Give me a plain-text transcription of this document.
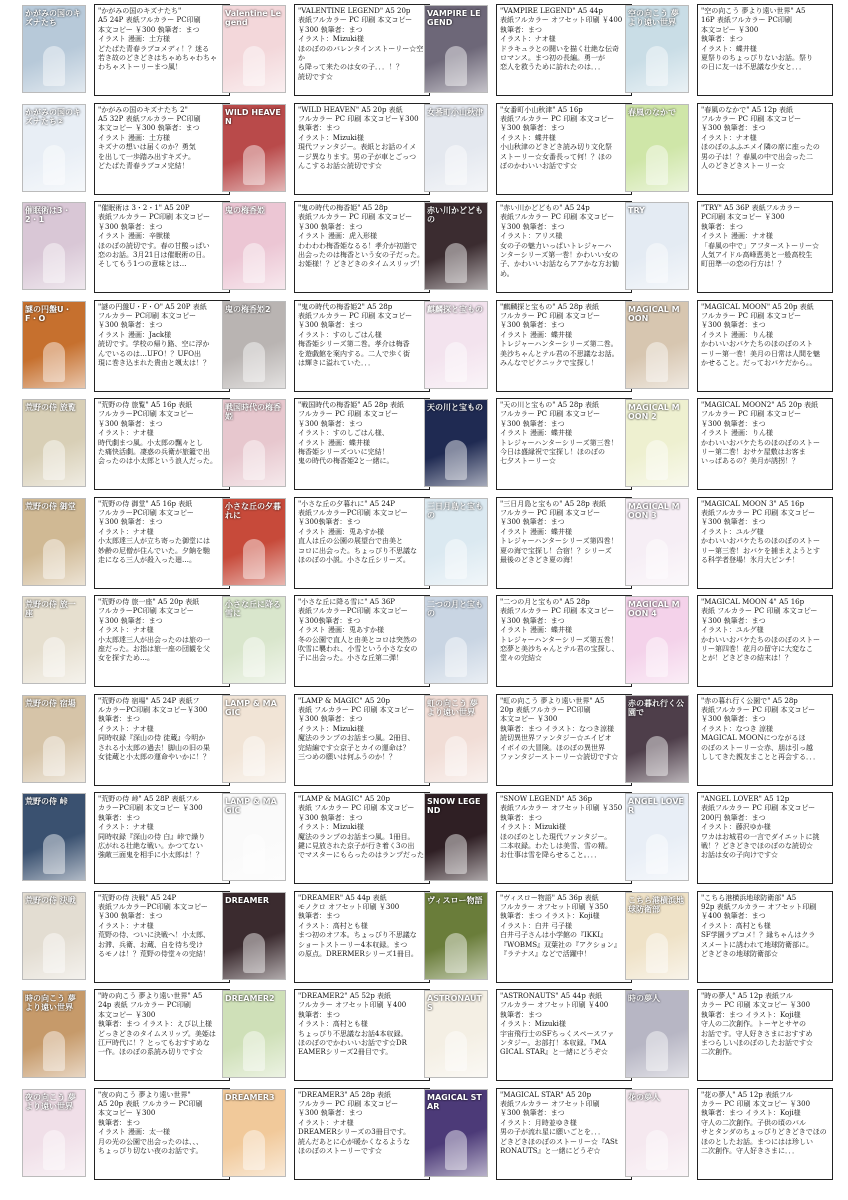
かがみの国のキズナたち
"かがみの国のキズナたち"
A5 24P 表紙フルカラー PC印刷
本文コピー ￥300 執筆者：まつ
イラスト 漫画：土方様
どたばた青春ラブコメディ！？迷る
若き故のどきどきはちゃめちゃわちゃ
わちゃストーリーまつ風！
かがみの国のキズナたち②
"かがみの国のキズナたち 2"
A5 32P 表紙フルカラー PC印刷
本文コピー ￥300 執筆者：まつ
イラスト 漫画：土方様
キズナの想いは届くのか？勇気
を出して一歩踏み出すキズナ。
どたばた青春ラブコメ完結！
催眠術は3・2・1
"催眠術は 3・2・1" A5 20P
表紙フルカラー PC印刷 本文コピー
￥300 執筆者：まつ
イラスト 漫画：辛獣様
ほのぼの読切です。春の甘酸っぱい
恋のお話。3月21日は催眠術の日。
そしてもう1つの意味とは…
謎の円盤U・F・O
"謎の円盤U・F・O" A5 20P 表紙
フルカラー PC印刷 本文コピー
￥300 執筆者：まつ
イラスト 漫画：Jack様
読切です。学校の帰り路、空に浮か
んでいるのは…UFO！？UFO出
現に巻き込まれた貴由と颯太は！？
荒野の侍 旅覧	"荒野の侍 旅覧" A5 16p 表紙
フルカラーPC印刷 本文コピー
￥300 執筆者：まつ
イラスト：ナオ様
時代劇まつ風。小太郎の飄々とし
た痛快活劇。凄惑の兵衛が旅籠で出
会ったのは小太郎という浪人だった。
荒野の侍 御堂	"荒野の侍 御堂" A5 16p 表紙
フルカラーPC印刷 本文コピー
￥300 執筆者：まつ
イラスト：ナオ様
小太郎達三人が立ち寄った御堂には
妙齢の尼僧が住んでいた。夕餉を馳
走になる三人が殺入った廻…。
荒野の侍 旅一座
"荒野の侍 旅一座" A5 20p 表紙
フルカラーPC印刷 本文コピー
￥300 執筆者：まつ
イラスト：ナオ様
小太郎達三人が出会ったのは旅の一
座だった。お指は旅一座の団観を父
女を探すため…。
荒野の侍 宿場	"荒野の侍 宿場" A5 24P 表紙フ
ルカラーPC印刷 本文コピー￥300
執筆者：まつ
イラスト：ナオ様
同時収録『深山の侍 徒蔵』今明か
される小太郎の過去！脚山の旧の果
女徒蔵と小太郎の運命やいかに！？
荒野の侍 峠	"荒野の侍 峠" A5 28P 表紙フル
カラーPC印刷 本文コピー ￥300
執筆者：まつ
イラスト：ナオ様
同時収録『深山の侍 白』峠で繰り
広がれる壮絶な戦い。かつてない
強敵三面鬼を相手に小太郎は！？
荒野の侍 決戦	"荒野の侍 決戦" A5 24P
表紙フルカラーPC印刷 本文コピー
￥300 執筆者：まつ
イラスト：ナオ様
荒野の侍、ついに決戦へ！小太郎、
お滞、兵衛、お蔵、自を待ち受け
るモノは！？荒野の侍堂々の完結！
時の向こう 夢より遠い世界
"時の向こう 夢より遠い世界" A5
24p 表紙 フルカラー PC印刷
本文コピー ￥300
執筆者：まつ イラスト：えび以上様
どっきどきのタイムスリップ。美姫は
江戸時代に！？とってもおすすめな
一作。ほのぼの系読み切りです☆
夜の向こう 夢より遠い世界
"夜の向こう 夢より遠い世界"
A5 20p 表紙 フルカラー PC印刷
本文コピー ￥300
執筆者：まつ
イラスト 漫画：太一様
月の光の公園で出会ったのは、、、
ちょっぴり切ない夜のお話です。
Valentine Legend
"VALENTINE LEGEND" A5 20p
表紙フルカラー PC 印刷 本文コピー
￥300 執筆者：まつ
イラスト：Mizuki様
ほのぼののバレンタインストーリー☆空か
ら降って来たのは女の子．．．！？
読切です☆
WILD HEAVEN
"WILD HEAVEN" A5 20p 表紙
フルカラー PC 印刷 本文コピー￥300
執筆者：まつ
イラスト：Mizuki様
現代ファンタジー。表紙とお話のイメ
ージ異なります。男の子が車とごっつ
んこするお話☆読切です☆
鬼の梅香姫	"鬼の時代の梅香姫" A5 28p
表紙フルカラー PC 印刷 本文コピー
￥300 執筆者：まつ
イラスト 漫画：虎入形様
わわわわ梅香姫なるる！孝介が初詣で
出会ったのは梅香という女の子だった。
お姫様！？どきどきのタイムスリップ！
鬼の梅香姫2	"鬼の時代の梅香姫2" A5 28p
表紙フルカラー PC 印刷 本文コピー
￥300 執筆者：まつ
イラスト：すのしごはん様
梅香姫シリーズ第二巻。孝介は梅香
を遊戯館を案内する。二人で歩く街
は輝きに溢れていた．．．
戦国時代の梅香姫
"戦国時代の梅香姫" A5 28p 表紙
フルカラー PC 印刷 本文コピー
￥300 執筆者：まつ
イラスト：すのしごはん様、
イラスト 漫画：蝶井様
梅香姫シリーズついに完結！
鬼の時代の梅香姫2と一緒に。
小さな丘の夕暮れに
"小さな丘の夕暮れに" A5 24P
表紙フルカラーPC印刷 本文コピー
￥300執筆者：まつ
イラスト 漫画：兎あすか様
直人は丘の公園の展望台で由美と
コロに出会った。ちょっぴり不思議な
ほのぼの小説。小さな丘シリーズ。
小さな丘に降る雪に
"小さな丘に降る雪に" A5 36P
表紙フルカラーPC印刷 本文コピー
￥300執筆者：まつ
イラスト 漫画：兎あすか様
冬の公園で直人と由美とコロは突然の
吹雪に襲われ、小雪という小さな女の
子に出会った。小さな丘第二弾！
LAMP & MAGIC
"LAMP & MAGIC" A5 20p
表紙 フルカラー PC 印刷 本文コピー
￥300 執筆者：まつ
イラスト：Mizuki様
魔法のランプのお話まつ風。2冊目、
完結編です☆京子とカイの運命は？
三つめの願いは何ふうのか！？
LAMP & MAGIC
"LAMP & MAGIC" A5 20p
表紙 フルカラー PC 印刷 本文コピー
￥300 執筆者：まつ
イラスト：Mizuki様
魔法のランプのお話まつ風。1冊目。
鍵に見放された京子が行き着く3の出
でマスターにもらったのはランプだった
DREAMER	"DREAMER" A5 44p 表紙
モノクロ オフセット印刷 ￥300
執筆者：まつ
イラスト：高村とも様
まつ初のオフ本。ちょっぴり不思議な
ショートストーリー4本収録。まつ
の原点。DRERMERシリーズ1冊目。
DREAMER2	"DREAMER2" A5 52p 表紙
フルカラー オフセット印刷 ￥400
執筆者：まつ
イラスト：高村とも様
ちょっぴり不思議なお話4本収録。
ほのぼのでかわいいお話です☆DR
EAMERシリーズ2冊目です。
DREAMER3	"DREAMER3" A5 28p 表紙
フルカラー PC 印刷 本文コピー
￥300 執筆者：まつ
イラスト：ナオ様
DREAMERシリーズの3冊目です。
読んだあとに心が暖かくなるような
ほのぼのストーリーです☆
VAMPIRE LEGEND
"VAMPIRE LEGEND" A5 44p
表紙フルカラー オフセット印刷 ￥400
執筆者：まつ
イラスト：ナオ様
ドラキュラとの闘いを描く壮絶な伝奇
ロマンス。まつ初の長編。勇一が
恋人を救うために訪れたのは．．．
女番町小山秋津 "女番町小山秋津" A5 16p
表紙フルカラー PC 印刷 本文コピー
￥300 執筆者：まつ
イラスト：蝶井様
小山秋津のどきどき読み切り文化祭
ストーリー☆女番長って何！？ほの
ぼのかわいいお話です☆
赤い川かどどもの
"赤い川かどどもの" A5 24p
表紙フルカラー PC 印刷 本文コピー
￥300 執筆者：まつ
イラスト：アリス様
女の子の魅力いっぱいトレジャーハ
ンターシリーズ第一巻！かわいい女の
子、かわいいお話ならアアかな方お勧め。
麒麟探と宝もの "麒麟探と宝もの" A5 28p 表紙
フルカラー PC 印刷 本文コピー
￥300 執筆者：まつ
イラスト 漫画：蝶井様
トレジャーハンターシリーズ第二巻。
美沙ちゃんとテル君の不思議なお話。
みんなでピクニックで宝探し！
天の川と宝もの "天の川と宝もの" A5 28p 表紙
フルカラー PC 印刷 本文コピー
￥300 執筆者：まつ
イラスト 漫画：蝶井様
トレジャーハンターシリーズ第三巻！
今日は盛縁祝で宝探し！ほのぼの
七夕ストーリー☆
三日月島と宝もの
"三日月島と宝もの" A5 28p 表紙
フルカラー PC 印刷 本文コピー
￥300 執筆者：まつ
イラスト 漫画：蝶井様
トレジャーハンターシリーズ第四巻！
夏の海で宝探し！合宿！？シリーズ
最後のどきどき夏の海！
二つの月と宝もの
"二つの月と宝もの" A5 28p
表紙フルカラー PC 印刷 本文コピー
￥300 執筆者：まつ
イラスト 漫画：蝶井様
トレジャーハンターシリーズ第五巻！
恋夢と美沙ちゃんとテル君の宝探し、
堂々の完結☆
虹の向こう 夢より遠い世界
"虹の向こう 夢より遠い世界" A5
20p 表紙フルカラー PC印刷
本文コピー ￥300
執筆者：まつ イラスト：なつき涼様
読切異世界ファンタジー☆エイビオ
イボイの大冒険。ほのぼの異世界
ファンタジーストーリー☆読切です☆
SNOW LEGEND
"SNOW LEGEND" A5 36p
表紙フルカラー オフセット印刷 ￥350
執筆者：まつ
イラスト：Mizuki様
ほのぼのとした現代ファンタジー。
二本収録。わたしは美雪、雪の精。
お仕事は雪を降らせること。．．．
ヴィスロー物語	"ヴィスロー物語" A5 36p 表紙
フルカラー オフセット印刷 ￥350
執筆者：まつ イラスト：Koji様
イラスト：白井 弓子様
白井弓子さんは小学館の『IKKI』
『WOBMS』双葉社の『アクション』
『ラテナス』などで活躍中！
ASTRONAUTS
"ASTRONAUTS" A5 44p 表紙
フルカラー オフセット印刷 ￥400
執筆者：まつ
イラスト：Mizuki様
宇宙飛行士のSFちっくスペースファ
ンタジー。お部打！本収録。『MA
GICAL STAR』と一緒にどうぞ☆
MAGICAL STAR
"MAGICAL STAR" A5 20p
表紙フルカラー オフセット印刷
￥300 執筆者：まつ
イラスト：月時並ゆき様
男の子が流れ星に願いごとを．．．
どきどきほのぼのストーリー☆『ASt
RONAUTS』と一緒にどうぞ☆
空の向こう 夢より遠い世界
"空の向こう 夢より遠い世界" A5
16P 表紙フルカラー PC印刷
本文コピー ￥300
執筆者：まつ
イラスト：蝶井様
夏祭りのちょっぴりないお話。祭り
の日に友一は不思議な少女と．．．
春風のなかで	"春風のなかで" A5 12p 表紙
フルカラー PC 印刷 本文コピー
￥300 執筆者：まつ
イラスト：ナオ様
ほのぼのふふエメイ隣の席に座ったの
男の子は！？春風の中で出会った二
人のどきどきストーリー☆
TRY	"TRY" A5 36P 表紙フルカラー
PC印刷 本文コピー ￥300
執筆者：まつ
イラスト 漫画：ナオ様
「春風の中で」アフターストーリー☆
人気アイドル高峰恵美と一般高校生
町田準一の恋の行方は！？
MAGICAL MOON
"MAGICAL MOON" A5 20p 表紙
フルカラー PC 印刷 本文コピー
￥300 執筆者：まつ
イラスト 漫画：りん様
かわいいおバケたちのほのぼのスト
ーリー第一巻！美月の日常は人間を魅
かせること。だっておバケだから。。
MAGICAL MOON 2
"MAGICAL MOON2" A5 20p 表紙
フルカラー PC 印刷 本文コピー
￥300 執筆者：まつ
イラスト 漫画：りん様
かわいいおバケたちのほのぼのストー
リー第二巻！おサケ屋敷はお客ま
いっぱあるの？美月が誘拐！？
MAGICAL MOON 3
"MAGICAL MOON 3" A5 16p
表紙フルカラー PC 印刷 本文コピー
￥300 執筆者：まつ
イラスト：ユルグ様
かわいいおバケたちのほのぼのストー
リー第三巻！おバケを捕まえようとす
る科学者登場！氷月大ピンチ！
MAGICAL MOON 4
"MAGICAL MOON 4" A5 16p
表紙 フルカラー PC 印刷 本文コピー
￥300 執筆者：まつ
イラスト：ユルグ様
かわいいおバケたちのほのぼのストー
リー第四巻！花月の留守に大変なこ
とが！どきどきの結末は！？
赤の暮れ行く公園で
"赤の暮れ行く公園で" A5 28p
表紙フルカラー PC 印刷 本文コピー
￥300 執筆者：まつ
イラスト：なつき 涼様
MAGICAL MOONにつながるほ
のぼのストーリー☆赤、朋は引っ越
ししてきた親友まことと再会する．．．
ANGEL LOVER
"ANGEL LOVER" A5 12p
表紙フルカラー PC 印刷 本文コピー
200円 執筆者：まつ
イラスト：藤沢ゆか様
ワカはお城君の一言でダイエットに挑
戦！？どきどきでほのぼのな読切☆
お話は女の子向けです☆
こちら港横浜地球防衛部
"こちら港横浜地球防衛部" A5
92p 表紙フルカラー オフセット印刷
￥400 執筆者：まつ
イラスト：高村とも様
SF学園ラブコメ！？縁ちゃんはクラ
スメートに誘われて地球防衛部に。
どきどきの地球防衛部☆
時の夢人	"時の夢人" A5 12p 表紙フル
カラー PC 印刷 本文コピー ￥300
執筆者：まつ イラスト：Koji様
守人の二次創作。トーヤとサヤの
お話です。守人好きさまにおすすめ
まつらしいほのぼのしたお話です☆
二次創作。
花の夢人	"花の夢人" A5 12p 表紙フル
カラー PC 印刷 本文コピー ￥300
執筆者：まつ イラスト：Koji様
守人の二次創作。子供の頃のバル
サとタンダのちょっぴりどきどきでほの
ほのとしたお話。まつにはは珍しい
二次創作。守人好きさまに．．．
